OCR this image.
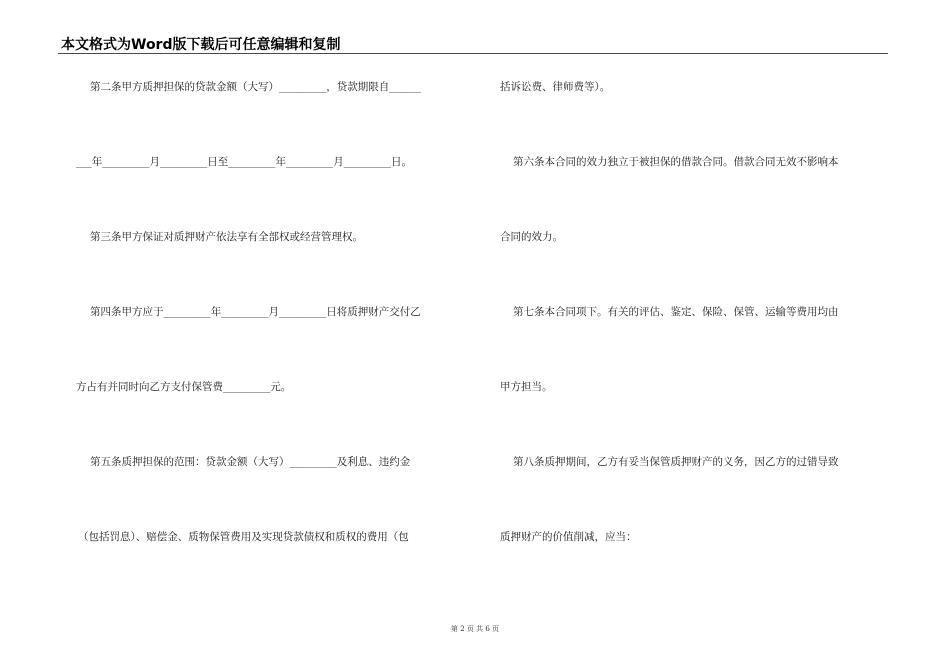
本文格式为Word版下载后可任意编辑和复制
第二条甲方质押担保的贷款金额（大写）_________，贷款期限自______
___年_________月_________日至_________年_________月_________日。
第三条甲方保证对质押财产依法享有全部权或经营管理权。
第四条甲方应于_________年_________月_________日将质押财产交付乙
方占有并同时向乙方支付保管费_________元。
第五条质押担保的范围：贷款金额（大写）_________及利息、违约金
（包括罚息）、赔偿金、质物保管费用及实现贷款债权和质权的费用（包
括诉讼费、律师费等）。
第六条本合同的效力独立于被担保的借款合同。借款合同无效不影响本
合同的效力。
第七条本合同项下。有关的评估、鉴定、保险、保管、运输等费用均由
甲方担当。
第八条质押期间，乙方有妥当保管质押财产的义务，因乙方的过错导致
质押财产的价值削减，应当：
第 2 页 共 6 页
